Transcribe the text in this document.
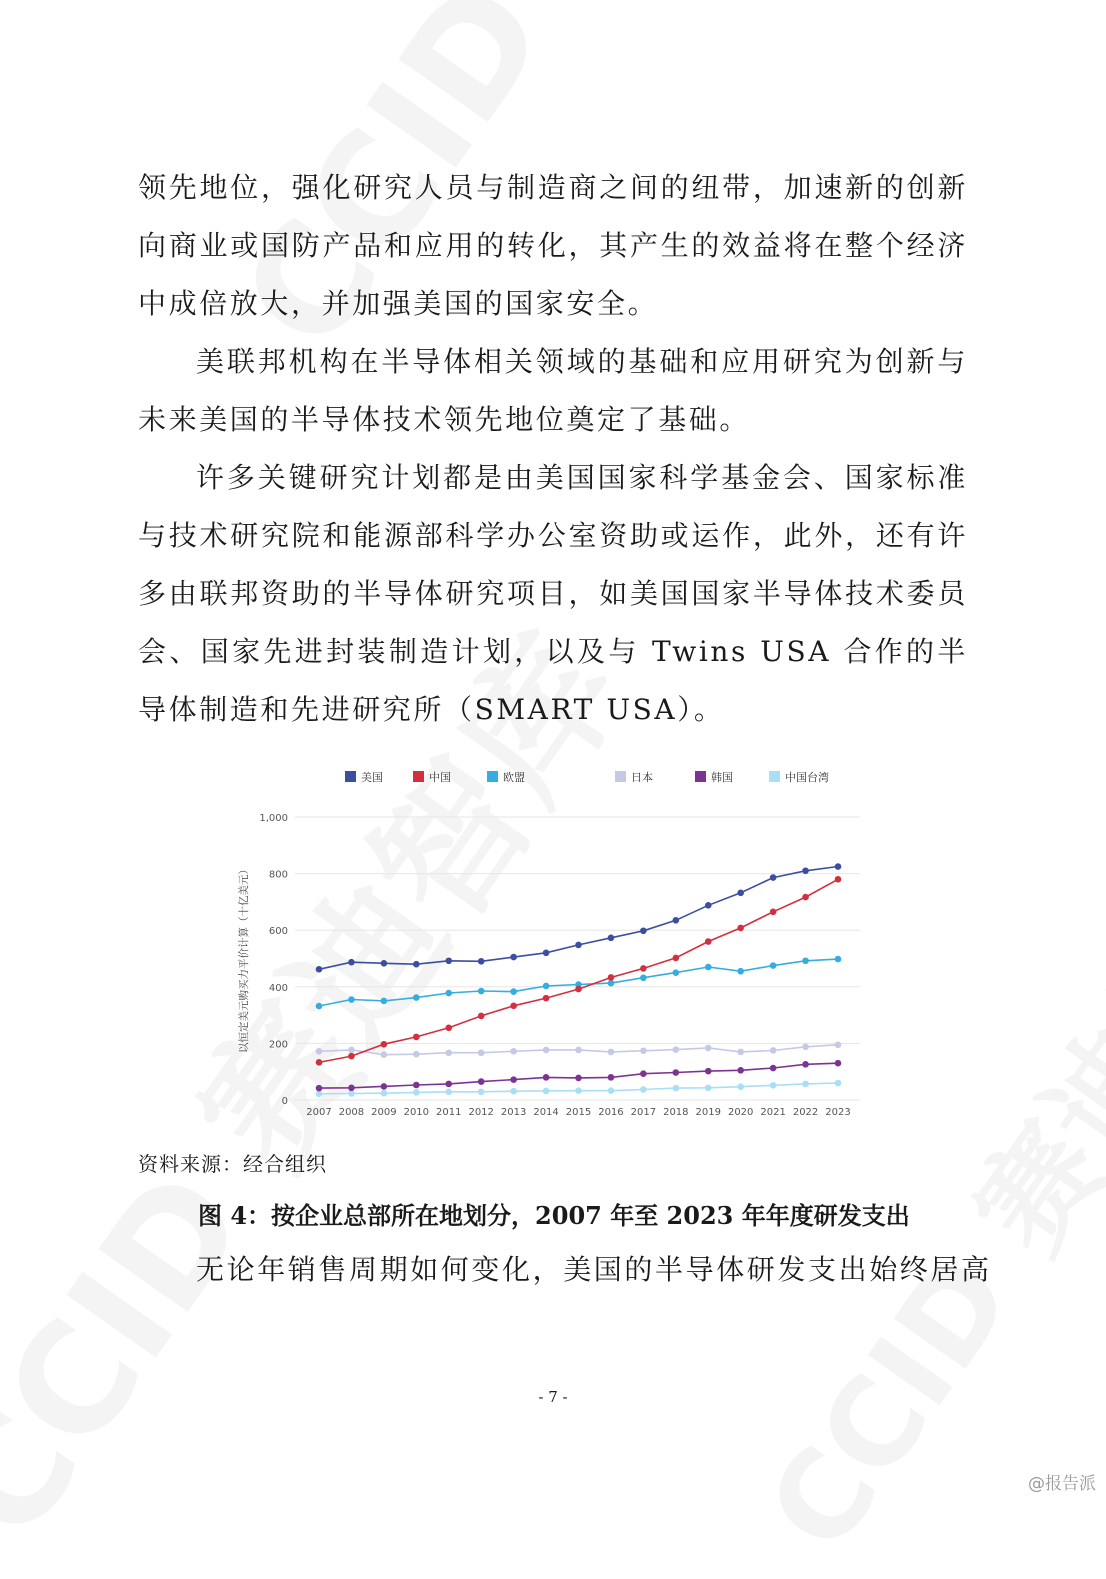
领先地位，强化研究人员与制造商之间的纽带，加速新的创新向商业或国防产品和应用的转化，其产生的效益将在整个经济中成倍放大，并加强美国的国家安全。

美联邦机构在半导体相关领域的基础和应用研究为创新与未来美国的半导体技术领先地位奠定了基础。

许多关键研究计划都是由美国国家科学基金会、国家标准与技术研究院和能源部科学办公室资助或运作，此外，还有许多由联邦资助的半导体研究项目，如美国国家半导体技术委员会、国家先进封装制造计划，以及与 Twins USA 合作的半导体制造和先进研究所（SMART USA）。

0
200
400
600
800
1,000
2007 2008 2009 2010 2011 2012 2013 2014 2015 2016 2017 2018 2019 2020 2021 2022 2023
以恒定美元购买力平价计算（十亿美元）
美国	中国	欧盟	日本	韩国	中国台湾

资料来源：经合组织

图 4：按企业总部所在地划分，2007 年至 2023 年年度研发支出

无论年销售周期如何变化，美国的半导体研发支出始终居高

- 7 -

@报告派
